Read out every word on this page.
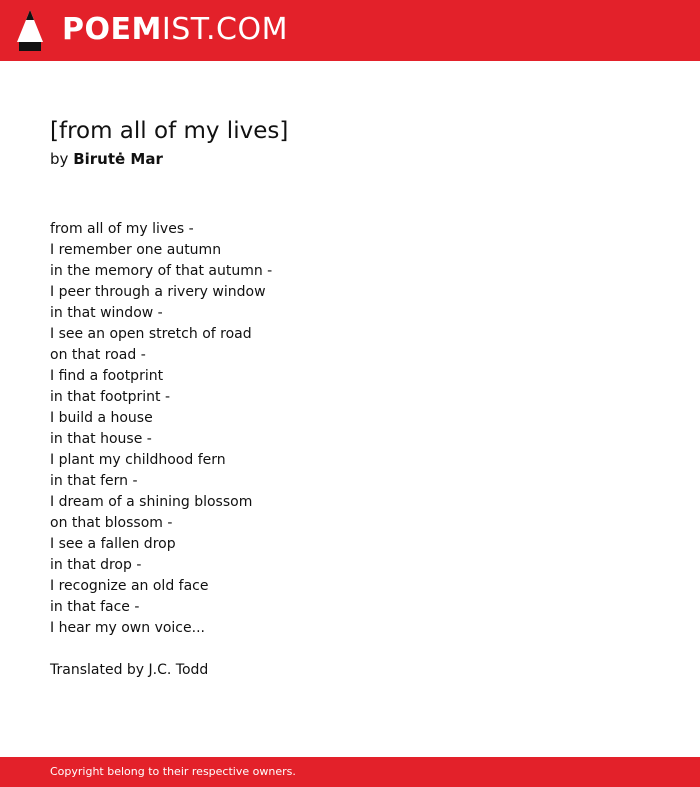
POEMIST.COM
[from all of my lives]
by Birutė Mar
from all of my lives -
I remember one autumn
in the memory of that autumn -
I peer through a rivery window
in that window -
I see an open stretch of road
on that road -
I find a footprint
in that footprint -
I build a house
in that house -
I plant my childhood fern
in that fern -
I dream of a shining blossom
on that blossom -
I see a fallen drop
in that drop -
I recognize an old face
in that face -
I hear my own voice...
Translated by J.C. Todd
Copyright belong to their respective owners.
